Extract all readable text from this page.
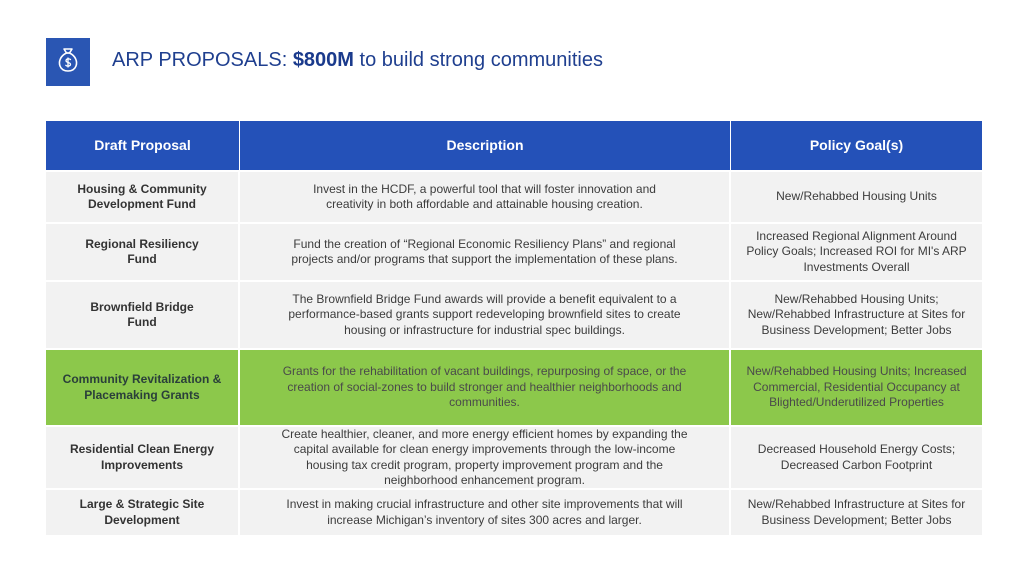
ARP PROPOSALS: $800M to build strong communities
Draft Proposal	Description	Policy Goal(s)
Housing & Community Development Fund
Invest in the HCDF, a powerful tool that will foster innovation and creativity in both affordable and attainable housing creation.
New/Rehabbed Housing Units
Regional Resiliency Fund
Fund the creation of “Regional Economic Resiliency Plans” and regional projects and/or programs that support the implementation of these plans.
Increased Regional Alignment Around Policy Goals; Increased ROI for MI's ARP Investments Overall
Brownfield Bridge Fund
The Brownfield Bridge Fund awards will provide a benefit equivalent to a performance-based grants support redeveloping brownfield sites to create housing or infrastructure for industrial spec buildings.
New/Rehabbed Housing Units; New/Rehabbed Infrastructure at Sites for Business Development; Better Jobs
Community Revitalization & Placemaking Grants
Grants for the rehabilitation of vacant buildings, repurposing of space, or the creation of social-zones to build stronger and healthier neighborhoods and communities.
New/Rehabbed Housing Units; Increased Commercial, Residential Occupancy at Blighted/Underutilized Properties
Residential Clean Energy Improvements
Create healthier, cleaner, and more energy efficient homes by expanding the capital available for clean energy improvements through the low-income housing tax credit program, property improvement program and the neighborhood enhancement program.
Decreased Household Energy Costs; Decreased Carbon Footprint
Large & Strategic Site Development
Invest in making crucial infrastructure and other site improvements that will increase Michigan’s inventory of sites 300 acres and larger.
New/Rehabbed Infrastructure at Sites for Business Development; Better Jobs
